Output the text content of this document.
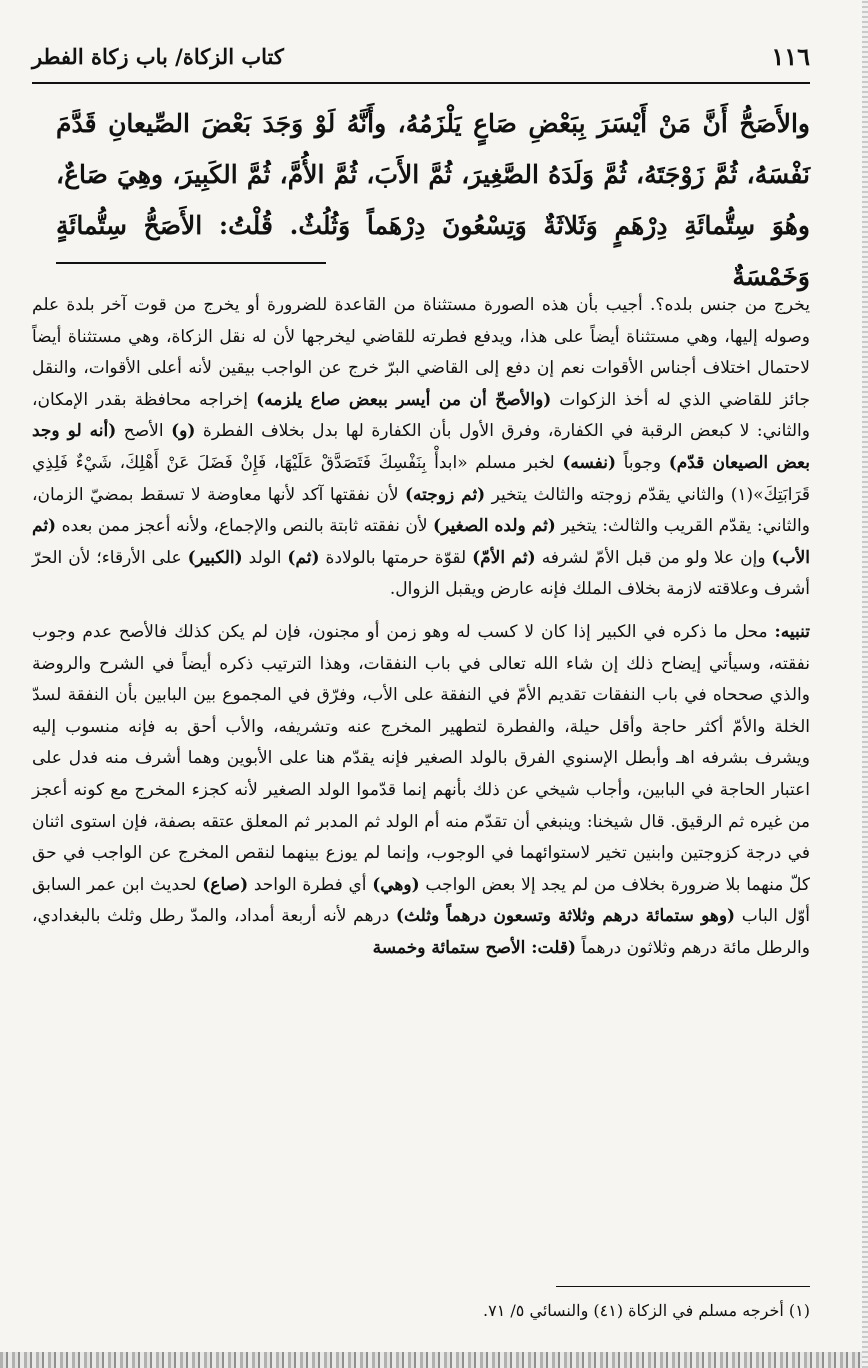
١١٦
كتاب الزكاة/ باب زكاة الفطر
والأَصَحُّ أَنَّ مَنْ أَيْسَرَ بِبَعْضِ صَاعٍ يَلْزَمُهُ، وأَنَّهُ لَوْ وَجَدَ بَعْضَ الصِّيعانِ قَدَّمَ نَفْسَهُ، ثُمَّ زَوْجَتَهُ، ثُمَّ وَلَدَهُ الصَّغِيرَ، ثُمَّ الأَبَ، ثُمَّ الأُمَّ، ثُمَّ الكَبِيرَ، وهِيَ صَاعٌ، وهُوَ سِتُّمائَةِ دِرْهَمٍ وَثَلاثَةٌ وَتِسْعُونَ دِرْهَماً وَثُلُثٌ. قُلْتُ: الأَصَحُّ سِتُّمائَةٍ وَخَمْسَةٌ

يخرج من جنس بلده؟. أجيب بأن هذه الصورة مستثناة من القاعدة للضرورة أو يخرج من قوت آخر بلدة علم وصوله إليها، وهي مستثناة أيضاً على هذا، ويدفع فطرته للقاضي ليخرجها لأن له نقل الزكاة، وهي مستثناة أيضاً لاحتمال اختلاف أجناس الأقوات نعم إن دفع إلى القاضي البرّ خرج عن الواجب بيقين لأنه أعلى الأقوات، والنقل جائز للقاضي الذي له أخذ الزكوات (والأصحّ أن من أيسر ببعض صاع يلزمه) إخراجه محافظة بقدر الإمكان، والثاني: لا كبعض الرقبة في الكفارة، وفرق الأول بأن الكفارة لها بدل بخلاف الفطرة (و) الأصح (أنه لو وجد بعض الصيعان قدّم) وجوباً (نفسه) لخبر مسلم «ابدأْ بِنَفْسِكَ فَتَصَدَّقْ عَلَيْهَا، فَإِنْ فَضَلَ عَنْ أَهْلِكَ، شَيْءٌ فَلِذِي قَرَابَتِكَ»(١) والثاني يقدّم زوجته والثالث يتخير (ثم زوجته) لأن نفقتها آكد لأنها معاوضة لا تسقط بمضيّ الزمان، والثاني: يقدّم القريب والثالث: يتخير (ثم ولده الصغير) لأن نفقته ثابتة بالنص والإجماع، ولأنه أعجز ممن بعده (ثم الأب) وإن علا ولو من قبل الأمّ لشرفه (ثم الأمّ) لقوّة حرمتها بالولادة (ثم) الولد (الكبير) على الأرقاء؛ لأن الحرّ أشرف وعلاقته لازمة بخلاف الملك فإنه عارض ويقبل الزوال.

تنبيه: محل ما ذكره في الكبير إذا كان لا كسب له وهو زمن أو مجنون، فإن لم يكن كذلك فالأصح عدم وجوب نفقته، وسيأتي إيضاح ذلك إن شاء الله تعالى في باب النفقات، وهذا الترتيب ذكره أيضاً في الشرح والروضة والذي صححاه في باب النفقات تقديم الأمّ في النفقة على الأب، وفرّق في المجموع بين البابين بأن النفقة لسدّ الخلة والأمّ أكثر حاجة وأقل حيلة، والفطرة لتطهير المخرج عنه وتشريفه، والأب أحق به فإنه منسوب إليه ويشرف بشرفه اهـ وأبطل الإسنوي الفرق بالولد الصغير فإنه يقدّم هنا على الأبوين وهما أشرف منه فدل على اعتبار الحاجة في البابين، وأجاب شيخي عن ذلك بأنهم إنما قدّموا الولد الصغير لأنه كجزء المخرج مع كونه أعجز من غيره ثم الرقيق. قال شيخنا: وينبغي أن تقدّم منه أم الولد ثم المدبر ثم المعلق عتقه بصفة، فإن استوى اثنان في درجة كزوجتين وابنين تخير لاستوائهما في الوجوب، وإنما لم يوزع بينهما لنقص المخرج عن الواجب في حق كلّ منهما بلا ضرورة بخلاف من لم يجد إلا بعض الواجب (وهي) أي فطرة الواحد (صاع) لحديث ابن عمر السابق أوّل الباب (وهو ستمائة درهم وثلاثة وتسعون درهماً وثلث) درهم لأنه أربعة أمداد، والمدّ رطل وثلث بالبغدادي، والرطل مائة درهم وثلاثون درهماً (قلت: الأصح ستمائة وخمسة

(١) أخرجه مسلم في الزكاة (٤١) والنسائي ٥/ ٧١.
